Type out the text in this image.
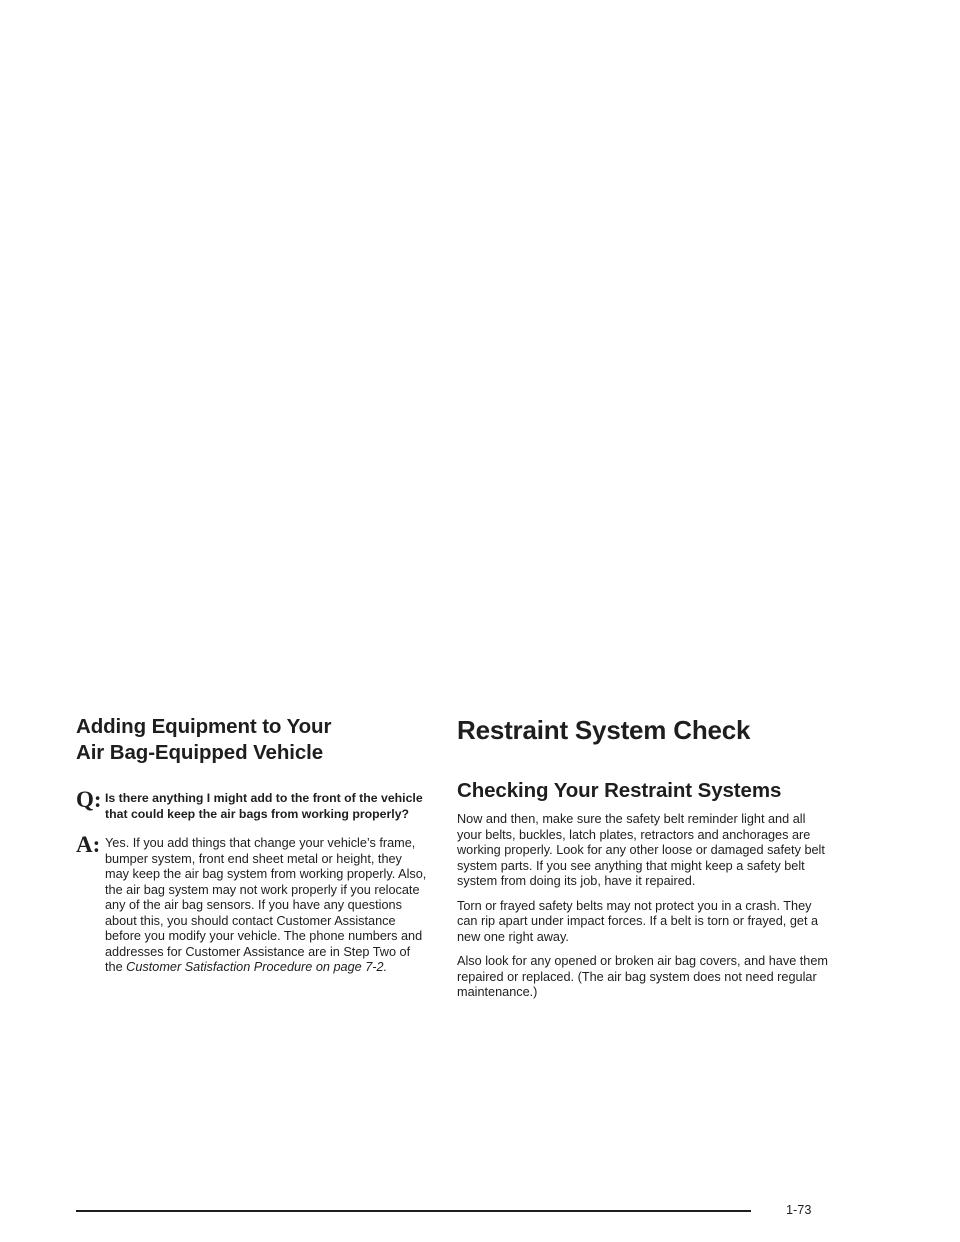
Adding Equipment to Your
Air Bag-Equipped Vehicle
Q: Is there anything I might add to the front of the vehicle that could keep the air bags from working properly?
A: Yes. If you add things that change your vehicle’s frame, bumper system, front end sheet metal or height, they may keep the air bag system from working properly. Also, the air bag system may not work properly if you relocate any of the air bag sensors. If you have any questions about this, you should contact Customer Assistance before you modify your vehicle. The phone numbers and addresses for Customer Assistance are in Step Two of the Customer Satisfaction Procedure on page 7-2.
Restraint System Check
Checking Your Restraint Systems

Now and then, make sure the safety belt reminder light and all your belts, buckles, latch plates, retractors and anchorages are working properly. Look for any other loose or damaged safety belt system parts. If you see anything that might keep a safety belt system from doing its job, have it repaired.

Torn or frayed safety belts may not protect you in a crash. They can rip apart under impact forces. If a belt is torn or frayed, get a new one right away.

Also look for any opened or broken air bag covers, and have them repaired or replaced. (The air bag system does not need regular maintenance.)

1-73
